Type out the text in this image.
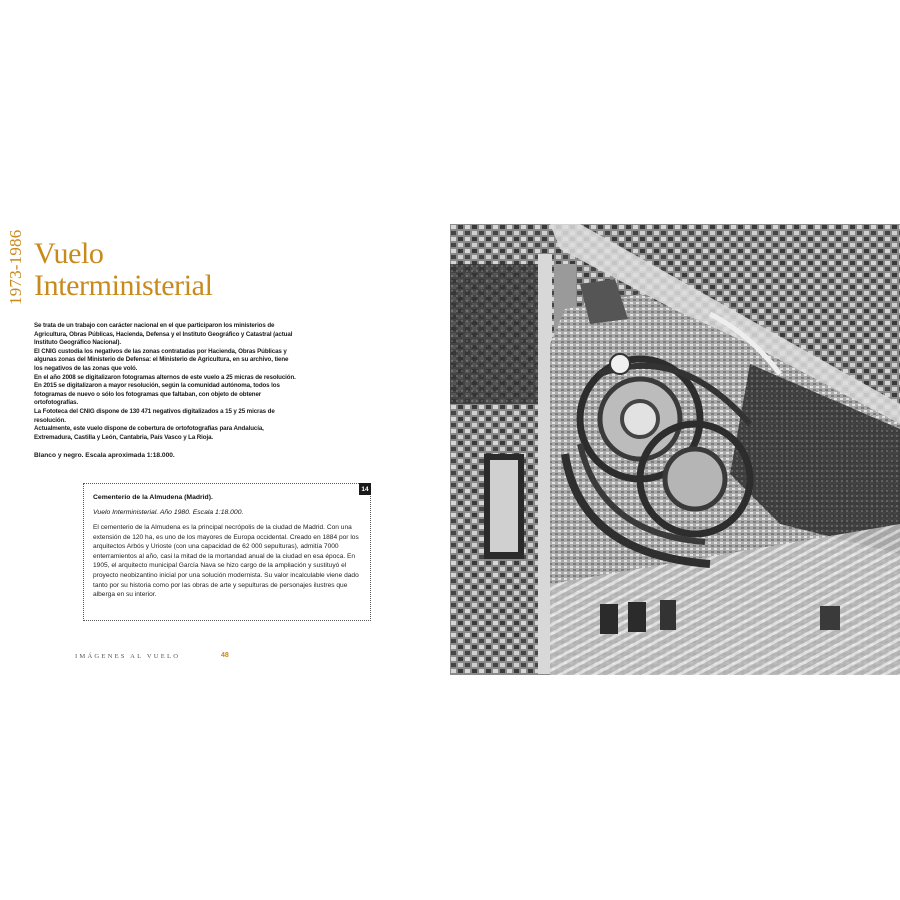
1973-1986 Vuelo
Interministerial

Se trata de un trabajo con carácter nacional en el que participaron los ministerios de Agricultura, Obras Públicas, Hacienda, Defensa y el Instituto Geográfico y Catastral (actual Instituto Geográfico Nacional).

El CNIG custodia los negativos de las zonas contratadas por Hacienda, Obras Públicas y algunas zonas del Ministerio de Defensa: el Ministerio de Agricultura, en su archivo, tiene los negativos de las zonas que voló.

En el año 2008 se digitalizaron fotogramas alternos de este vuelo a 25 micras de resolución. En 2015 se digitalizaron a mayor resolución, según la comunidad autónoma, todos los fotogramas de nuevo o sólo los fotogramas que faltaban, con objeto de obtener ortofotografías.

La Fototeca del CNIG dispone de 130 471 negativos digitalizados a 15 y 25 micras de resolución.

Actualmente, este vuelo dispone de cobertura de ortofotografías para Andalucía, Extremadura, Castilla y León, Cantabria, País Vasco y La Rioja.

Blanco y negro. Escala aproximada 1:18.000.
14

Cementerio de la Almudena (Madrid).

Vuelo Interministerial. Año 1980. Escala 1:18.000.

El cementerio de la Almudena es la principal necrópolis de la ciudad de Madrid. Con una extensión de 120 ha, es uno de los mayores de Europa occidental. Creado en 1884 por los arquitectos Arbós y Urioste (con una capacidad de 62 000 sepulturas), admitía 7000 enterramientos al año, casi la mitad de la mortandad anual de la ciudad en esa época. En 1905, el arquitecto municipal García Nava se hizo cargo de la ampliación y sustituyó el proyecto neobizantino inicial por una solución modernista. Su valor incalculable viene dado tanto por su historia como por las obras de arte y sepulturas de personajes ilustres que alberga en su interior.

IMÁGENES AL VUELO	48
